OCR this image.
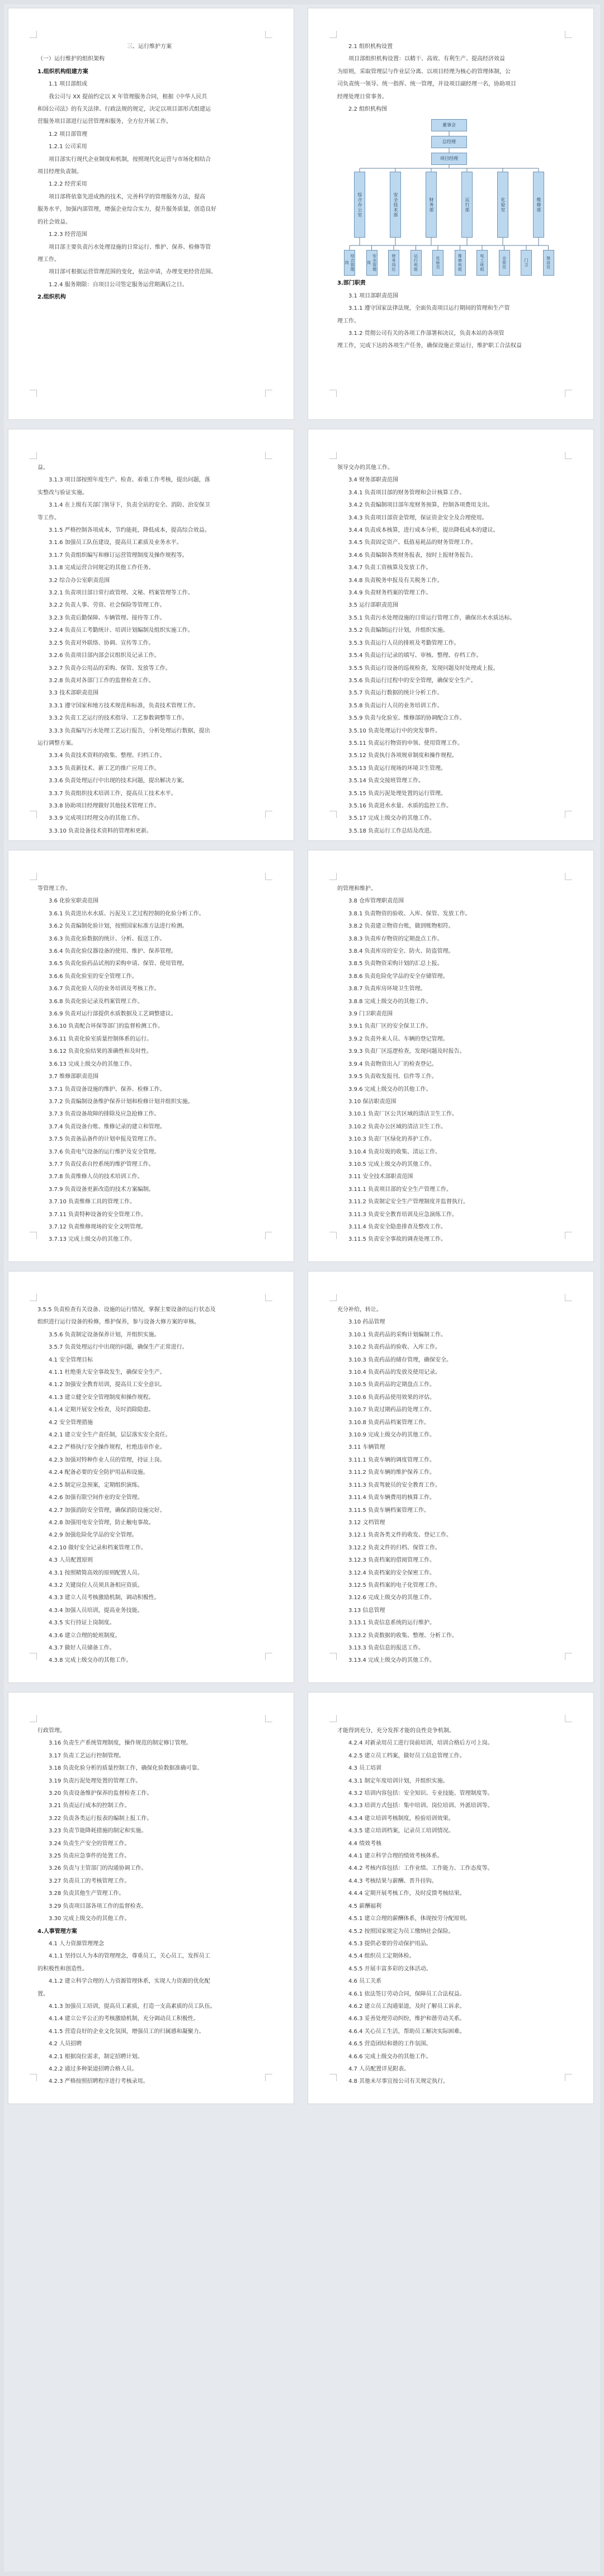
三、运行维护方案

（一）运行维护的组织架构

1.组织机构组建方案

1.1 项目部组成

我公司与 XX 提前约定以 X 年管理服务合同，根据《中华人民共

和国公司法》的有关法律、行政法规的规定，决定以项目部形式组建运

营服务项目部进行运营管理和服务，全方位开展工作。

1.2 项目部管理

1.2.1 公司采用

项目部实行现代企业制度和机制，按照现代化运营与市场化相结合

项目经理负责制。

1.2.2 经营采用

项目部将依靠先进成熟的技术，完善科学的管理服务方法，提高

服务水平，加强内部管理，增强企业综合实力，提升服务质量，创造良好

的社会效益。

1.2.3 经营范围

项目部主要负责污水处理设施的日常运行、维护、保养、检修等管

理工作。

项目部可根据运营管理范围的变化，依法申请，办理变更经营范围。

1.2.4 服务期限：自项目公司签定服务运营期满后之日。

2.组织机构

2.1 组织机构设置

项目部组织机构设置：以精干、高效、有利生产、提高经济效益

为原则，采取管理层与作业层分离、以项目经理为核心的管理体制，公

司负责统一领导、统一指挥、统一管理，并设项目副经理一名，协助项目

经理处理日常事务。

2.2 组织机构图

董事会
总经理
项目经理
综合办公室	安全技术部	财务部	运行部	化验室	维修部
综合管理岗	安全管理岗	财务岗位	运行班组	化验员	维修班组	电工班组	仓管员	门卫	保洁员

3.部门职责

3.1 项目部职责范围

3.1.1 遵守国家法律法规，全面负责项目运行期间的管理和生产管

理工作。

3.1.2 贯彻公司有关的各项工作部署和决议，负责本站的各项管

理工作，完成下达的各项生产任务，确保设施正常运行，维护职工合法权益

益。

3.1.3 项目部按照年度生产、检查、着重工作考核，提出问题，落

实整改与验证实施。

3.1.4 在上级有关部门领导下，负责全站的安全、消防、治安保卫

等工作。

3.1.5 严格控制各项成本，节约能耗，降低成本，提高综合效益。

3.1.6 加强员工队伍建设，提高员工素质及业务水平。

3.1.7 负责组织编写和修订运营管理制度及操作规程等。

3.1.8 完成运营合同规定的其他工作任务。

3.2 综合办公室职责范围

3.2.1 负责项目部日常行政管理、文秘、档案管理等工作。

3.2.2 负责人事、劳资、社会保险等管理工作。

3.2.3 负责后勤保障、车辆管理、接待等工作。

3.2.4 负责员工考勤统计、培训计划编制及组织实施工作。

3.2.5 负责对外联络、协调、宣传等工作。

3.2.6 负责项目部内部会议组织及记录工作。

3.2.7 负责办公用品的采购、保管、发放等工作。

3.2.8 负责对各部门工作的监督检查工作。

3.3 技术部职责范围

3.3.1 遵守国家和地方技术规范和标准，负责技术管理工作。

3.3.2 负责工艺运行的技术指导、工艺参数调整等工作。

3.3.3 负责编写污水处理工艺运行报告，分析处理运行数据，提出

运行调整方案。

3.3.4 负责技术资料的收集、整理、归档工作。

3.3.5 负责新技术、新工艺的推广应用工作。

3.3.6 负责处理运行中出现的技术问题，提出解决方案。

3.3.7 负责组织技术培训工作，提高员工技术水平。

3.3.8 协助项目经理做好其他技术管理工作。

3.3.9 完成项目经理交办的其他工作。

3.3.10 负责设备技术资料的管理和更新。

领导交办的其他工作。

3.4 财务部职责范围

3.4.1 负责项目部的财务管理和会计核算工作。

3.4.2 负责编制项目部年度财务预算，控制各项费用支出。

3.4.3 负责项目部资金管理，保证资金安全及合理使用。

3.4.4 负责成本核算，进行成本分析，提出降低成本的建议。

3.4.5 负责固定资产、低值易耗品的财务管理工作。

3.4.6 负责编制各类财务报表，按时上报财务报告。

3.4.7 负责工资核算及发放工作。

3.4.8 负责税务申报及有关税务工作。

3.4.9 负责财务档案的管理工作。

3.5 运行部职责范围

3.5.1 负责污水处理设施的日常运行管理工作，确保出水水质达标。

3.5.2 负责编制运行计划，并组织实施。

3.5.3 负责运行人员的排班及考勤管理工作。

3.5.4 负责运行记录的填写、审核、整理、存档工作。

3.5.5 负责运行设备的巡视检查，发现问题及时处理或上报。

3.5.6 负责运行过程中的安全管理，确保安全生产。

3.5.7 负责运行数据的统计分析工作。

3.5.8 负责运行人员的业务培训工作。

3.5.9 负责与化验室、维修部的协调配合工作。

3.5.10 负责处理运行中的突发事件。

3.5.11 负责运行物资的申领、使用管理工作。

3.5.12 负责执行各项规章制度和操作规程。

3.5.13 负责运行现场的环境卫生管理。

3.5.14 负责交接班管理工作。

3.5.15 负责污泥处理处置的运行管理。

3.5.16 负责进水水量、水质的监控工作。

3.5.17 完成上级交办的其他工作。

3.5.18 负责运行工作总结及改进。

等管理工作。

3.6 化验室职责范围

3.6.1 负责进出水水质、污泥及工艺过程控制的化验分析工作。

3.6.2 负责编制化验计划，按照国家标准方法进行检测。

3.6.3 负责化验数据的统计、分析、报送工作。

3.6.4 负责化验仪器设备的使用、维护、保养管理。

3.6.5 负责化验药品试剂的采购申请、保管、使用管理。

3.6.6 负责化验室的安全管理工作。

3.6.7 负责化验人员的业务培训及考核工作。

3.6.8 负责化验记录及档案管理工作。

3.6.9 负责对运行部提供水质数据及工艺调整建议。

3.6.10 负责配合环保等部门的监督检测工作。

3.6.11 负责化验室质量控制体系的运行。

3.6.12 负责化验结果的准确性和及时性。

3.6.13 完成上级交办的其他工作。

3.7 维修部职责范围

3.7.1 负责设备设施的维护、保养、检修工作。

3.7.2 负责编制设备维护保养计划和检修计划并组织实施。

3.7.3 负责设备故障的排除及应急抢修工作。

3.7.4 负责设备台账、维修记录的建立和管理。

3.7.5 负责备品备件的计划申报及管理工作。

3.7.6 负责电气设备的运行维护及安全管理。

3.7.7 负责仪表自控系统的维护管理工作。

3.7.8 负责维修人员的技术培训工作。

3.7.9 负责设备更新改造的技术方案编制。

3.7.10 负责维修工具的管理工作。

3.7.11 负责特种设备的安全管理工作。

3.7.12 负责维修现场的安全文明管理。

3.7.13 完成上级交办的其他工作。

的管理和维护。

3.8 仓库管理职责范围

3.8.1 负责物资的验收、入库、保管、发放工作。

3.8.2 负责建立物资台账，做到账物相符。

3.8.3 负责库存物资的定期盘点工作。

3.8.4 负责库房的安全、防火、防盗管理。

3.8.5 负责物资采购计划的汇总上报。

3.8.6 负责危险化学品的安全存储管理。

3.8.7 负责库房环境卫生管理。

3.8.8 完成上级交办的其他工作。

3.9 门卫职责范围

3.9.1 负责厂区的安全保卫工作。

3.9.2 负责外来人员、车辆的登记管理。

3.9.3 负责厂区巡逻检查，发现问题及时报告。

3.9.4 负责物资出入厂的检查登记。

3.9.5 负责收发报刊、信件等工作。

3.9.6 完成上级交办的其他工作。

3.10 保洁职责范围

3.10.1 负责厂区公共区域的清洁卫生工作。

3.10.2 负责办公区域的清洁卫生工作。

3.10.3 负责厂区绿化的养护工作。

3.10.4 负责垃圾的收集、清运工作。

3.10.5 完成上级交办的其他工作。

3.11 安全技术部职责范围

3.11.1 负责项目部的安全生产管理工作。

3.11.2 负责制定安全生产管理制度并监督执行。

3.11.3 负责安全教育培训及应急演练工作。

3.11.4 负责安全隐患排查及整改工作。

3.11.5 负责安全事故的调查处理工作。

3.5.5 负责检查有关设备、设施的运行情况，掌握主要设备的运行状态及

组织进行运行设备的检修，维护保养，参与设备大修方案的审核。

3.5.6 负责制定设备保养计划，并组织实施。

3.5.7 负责处理运行中出现的问题，确保生产正常进行。

4.1 安全管理目标

4.1.1 杜绝重大安全事故发生，确保安全生产。

4.1.2 加强安全教育培训，提高员工安全意识。

4.1.3 建立健全安全管理制度和操作规程。

4.1.4 定期开展安全检查，及时消除隐患。

4.2 安全管理措施

4.2.1 建立安全生产责任制，层层落实安全责任。

4.2.2 严格执行安全操作规程，杜绝违章作业。

4.2.3 加强对特种作业人员的管理，持证上岗。

4.2.4 配备必要的安全防护用品和设施。

4.2.5 制定应急预案，定期组织演练。

4.2.6 加强有限空间作业的安全管理。

4.2.7 加强消防安全管理，确保消防设施完好。

4.2.8 加强用电安全管理，防止触电事故。

4.2.9 加强危险化学品的安全管理。

4.2.10 做好安全记录和档案管理工作。

4.3 人员配置原则

4.3.1 按照精简高效的原则配置人员。

4.3.2 关键岗位人员须具备相应资质。

4.3.3 建立人员考核激励机制，调动积极性。

4.3.4 加强人员培训，提高业务技能。

4.3.5 实行持证上岗制度。

4.3.6 建立合理的轮班制度。

4.3.7 做好人员储备工作。

4.3.8 完成上级交办的其他工作。

充分补给，转让。

3.10 药品管理

3.10.1 负责药品的采购计划编制工作。

3.10.2 负责药品的验收、入库工作。

3.10.3 负责药品的储存管理，确保安全。

3.10.4 负责药品的发放及使用记录。

3.10.5 负责药品的定期盘点工作。

3.10.6 负责药品使用效果的评估。

3.10.7 负责过期药品的处理工作。

3.10.8 负责药品档案管理工作。

3.10.9 完成上级交办的其他工作。

3.11 车辆管理

3.11.1 负责车辆的调度管理工作。

3.11.2 负责车辆的维护保养工作。

3.11.3 负责驾驶员的安全教育工作。

3.11.4 负责车辆费用的核算工作。

3.11.5 负责车辆档案管理工作。

3.12 文档管理

3.12.1 负责各类文件的收发、登记工作。

3.12.2 负责文件的归档、保管工作。

3.12.3 负责档案的借阅管理工作。

3.12.4 负责档案的安全保密工作。

3.12.5 负责档案的电子化管理工作。

3.12.6 完成上级交办的其他工作。

3.13 信息管理

3.13.1 负责信息系统的运行维护。

3.13.2 负责数据的收集、整理、分析工作。

3.13.3 负责信息的报送工作。

3.13.4 完成上级交办的其他工作。

行政管理。

3.16 负责生产系统管理制度，操作规范的制定修订管理。

3.17 负责工艺运行控制管理。

3.18 负责化验分析的质量控制工作，确保化验数据准确可靠。

3.19 负责污泥处理处置的管理工作。

3.20 负责设备维护保养的监督检查工作。

3.21 负责运行成本的控制工作。

3.22 负责各类运行报表的编制上报工作。

3.23 负责节能降耗措施的制定和实施。

3.24 负责生产安全的管理工作。

3.25 负责应急事件的处置工作。

3.26 负责与主管部门的沟通协调工作。

3.27 负责员工的考核管理工作。

3.28 负责其他生产管理工作。

3.29 负责项目部各项工作的监督检查。

3.30 完成上级交办的其他工作。

4.人事管理方案

4.1 人力资源管理理念

4.1.1 坚持以人为本的管理理念，尊重员工，关心员工，发挥员工

的积极性和创造性。

4.1.2 建立科学合理的人力资源管理体系，实现人力资源的优化配

置。

4.1.3 加强员工培训，提高员工素质，打造一支高素质的员工队伍。

4.1.4 建立公平公正的考核激励机制，充分调动员工积极性。

4.1.5 营造良好的企业文化氛围，增强员工的归属感和凝聚力。

4.2 人员招聘

4.2.1 根据岗位需求，制定招聘计划。

4.2.2 通过多种渠道招聘合格人员。

4.2.3 严格按照招聘程序进行考核录用。

才能得到充分，充分发挥才能的良性竞争机制。

4.2.4 对新录用员工进行岗前培训，培训合格后方可上岗。

4.2.5 建立员工档案，做好员工信息管理工作。

4.3 员工培训

4.3.1 制定年度培训计划，并组织实施。

4.3.2 培训内容包括：安全知识、专业技能、管理制度等。

4.3.3 培训方式包括：集中培训、岗位培训、外派培训等。

4.3.4 建立培训考核制度，检验培训效果。

4.3.5 建立培训档案，记录员工培训情况。

4.4 绩效考核

4.4.1 建立科学合理的绩效考核体系。

4.4.2 考核内容包括：工作业绩、工作能力、工作态度等。

4.4.3 考核结果与薪酬、晋升挂钩。

4.4.4 定期开展考核工作，及时反馈考核结果。

4.5 薪酬福利

4.5.1 建立合理的薪酬体系，体现按劳分配原则。

4.5.2 按照国家规定为员工缴纳社会保险。

4.5.3 提供必要的劳动保护用品。

4.5.4 组织员工定期体检。

4.5.5 开展丰富多彩的文体活动。

4.6 员工关系

4.6.1 依法签订劳动合同，保障员工合法权益。

4.6.2 建立员工沟通渠道，及时了解员工诉求。

4.6.3 妥善处理劳动纠纷，维护和谐劳动关系。

4.6.4 关心员工生活，帮助员工解决实际困难。

4.6.5 营造团结和谐的工作氛围。

4.6.6 完成上级交办的其他工作。

4.7 人员配置详见附表。

4.8 其他未尽事宜按公司有关规定执行。
